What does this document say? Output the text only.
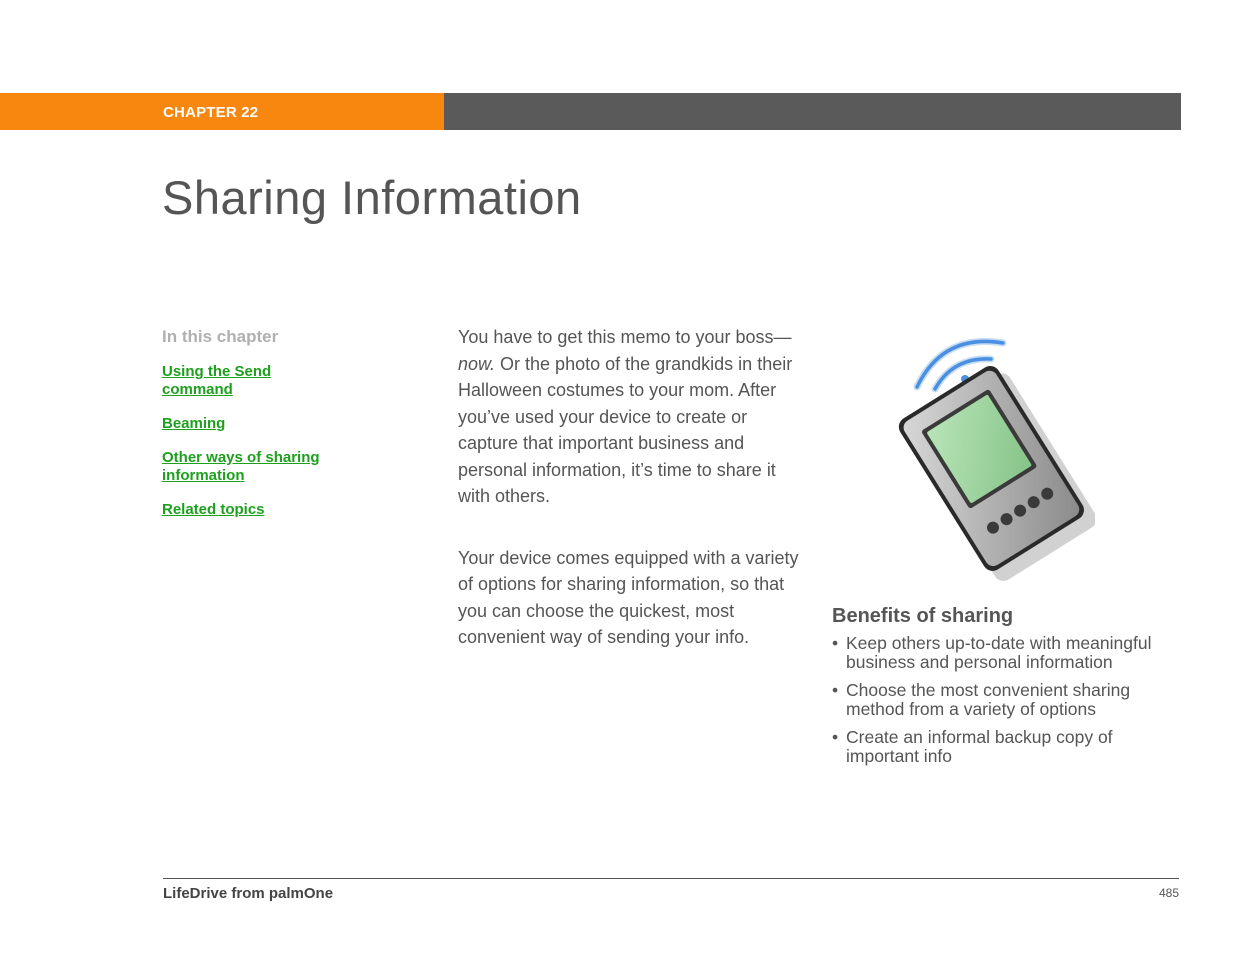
CHAPTER 22
Sharing Information
In this chapter
Using the Send command
Beaming
Other ways of sharing information
Related topics

You have to get this memo to your boss—now. Or the photo of the grandkids in their Halloween costumes to your mom. After you’ve used your device to create or capture that important business and personal information, it’s time to share it with others.

Your device comes equipped with a variety of options for sharing information, so that you can choose the quickest, most convenient way of sending your info.

Benefits of sharing
• Keep others up-to-date with meaningful business and personal information
• Choose the most convenient sharing method from a variety of options
• Create an informal backup copy of important info
LifeDrive from palmOne	485
